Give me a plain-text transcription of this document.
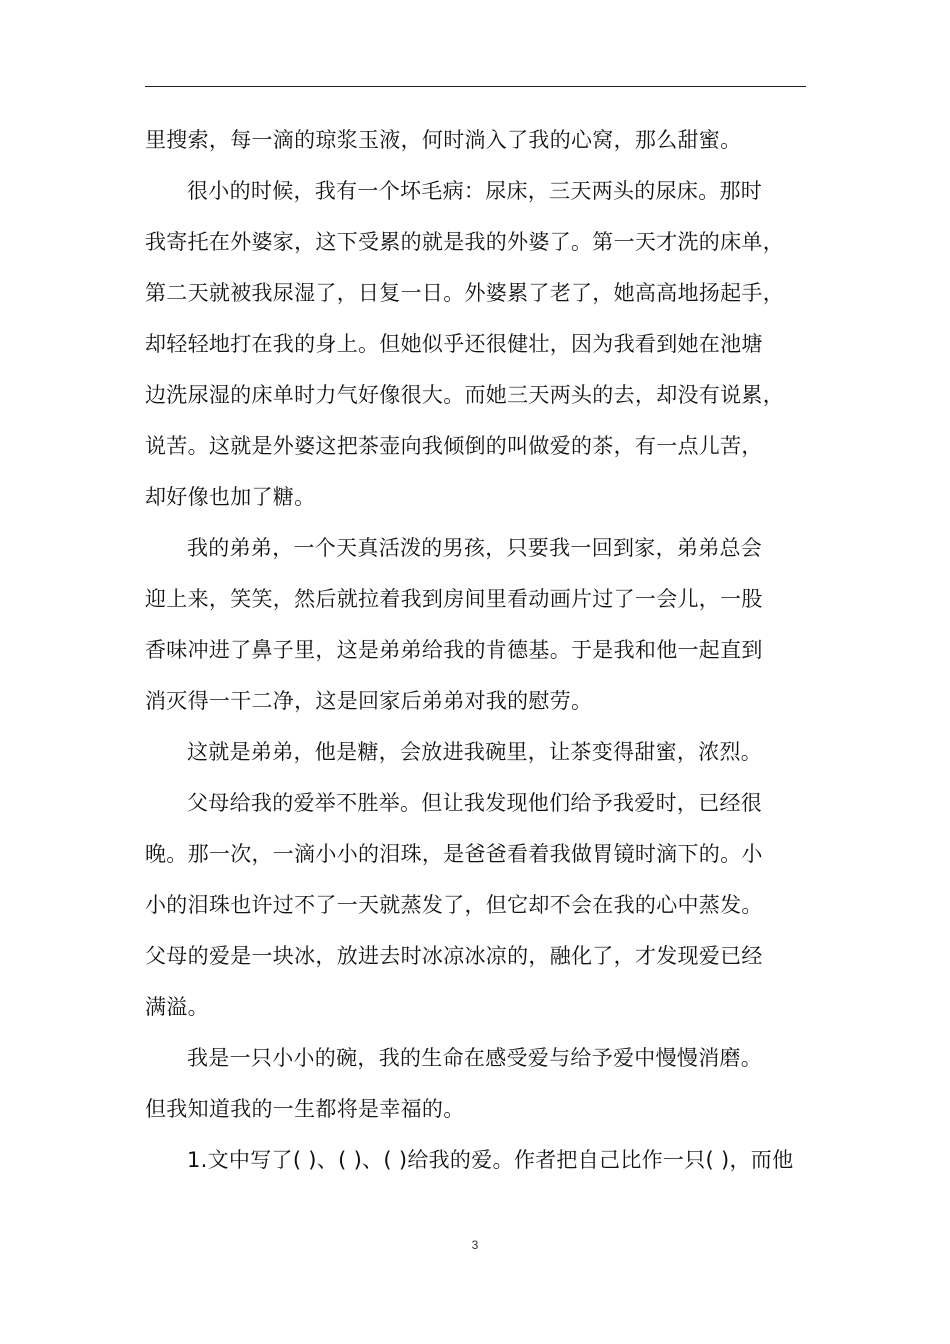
里搜索，每一滴的琼浆玉液，何时淌入了我的心窝，那么甜蜜。
很小的时候，我有一个坏毛病：尿床，三天两头的尿床。那时
我寄托在外婆家，这下受累的就是我的外婆了。第一天才洗的床单，
第二天就被我尿湿了，日复一日。外婆累了老了，她高高地扬起手，
却轻轻地打在我的身上。但她似乎还很健壮，因为我看到她在池塘
边洗尿湿的床单时力气好像很大。而她三天两头的去，却没有说累，
说苦。这就是外婆这把茶壶向我倾倒的叫做爱的茶，有一点儿苦，
却好像也加了糖。
我的弟弟，一个天真活泼的男孩，只要我一回到家，弟弟总会
迎上来，笑笑，然后就拉着我到房间里看动画片过了一会儿，一股
香味冲进了鼻子里，这是弟弟给我的肯德基。于是我和他一起直到
消灭得一干二净，这是回家后弟弟对我的慰劳。
这就是弟弟，他是糖，会放进我碗里，让茶变得甜蜜，浓烈。
父母给我的爱举不胜举。但让我发现他们给予我爱时，已经很
晚。那一次，一滴小小的泪珠，是爸爸看着我做胃镜时滴下的。小
小的泪珠也许过不了一天就蒸发了，但它却不会在我的心中蒸发。
父母的爱是一块冰，放进去时冰凉冰凉的，融化了，才发现爱已经
满溢。
我是一只小小的碗，我的生命在感受爱与给予爱中慢慢消磨。
但我知道我的一生都将是幸福的。
1.文中写了( )、( )、( )给我的爱。作者把自己比作一只( )，而他
3
